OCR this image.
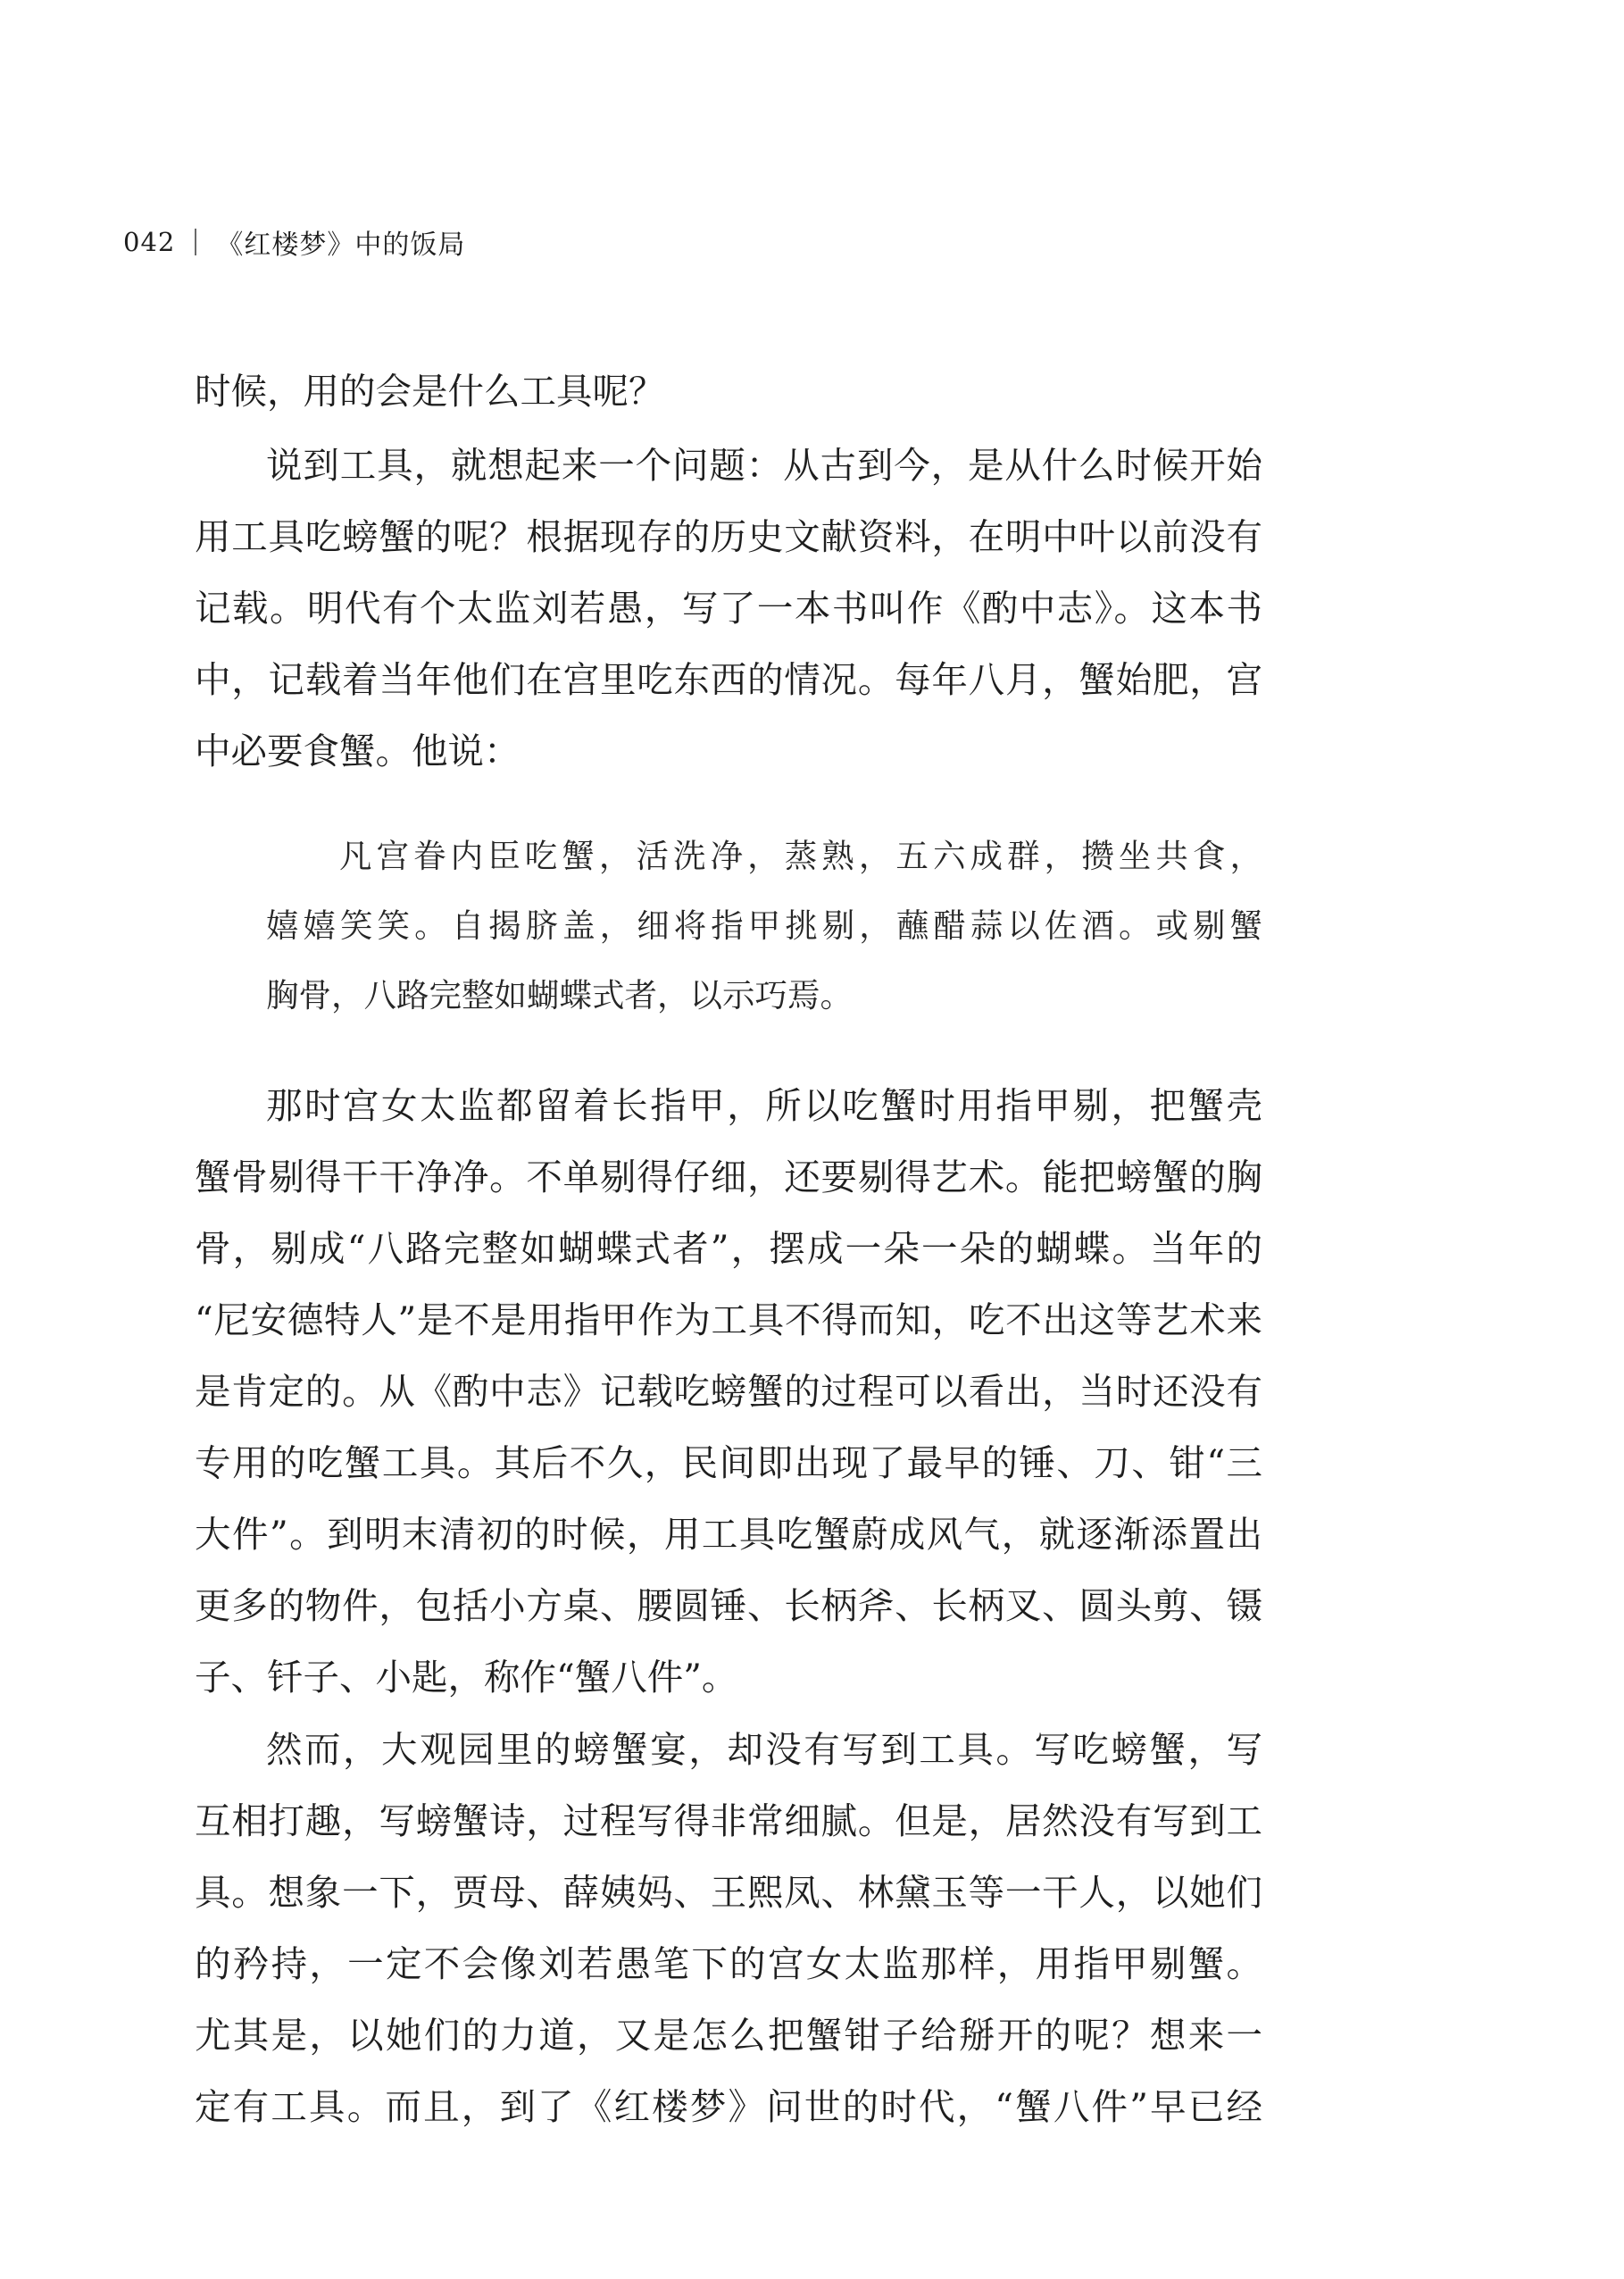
042 《红楼梦》中的饭局
时候，用的会是什么工具呢？
说到工具，就想起来一个问题：从古到今，是从什么时候开始
用工具吃螃蟹的呢？根据现存的历史文献资料，在明中叶以前没有
记载。明代有个太监刘若愚，写了一本书叫作《酌中志》。这本书
中，记载着当年他们在宫里吃东西的情况。每年八月，蟹始肥，宫
中必要食蟹。他说：
凡宫眷内臣吃蟹，活洗净，蒸熟，五六成群，攒坐共食，
嬉嬉笑笑。自揭脐盖，细将指甲挑剔，蘸醋蒜以佐酒。或剔蟹
胸骨，八路完整如蝴蝶式者，以示巧焉。
那时宫女太监都留着长指甲，所以吃蟹时用指甲剔，把蟹壳
蟹骨剔得干干净净。不单剔得仔细，还要剔得艺术。能把螃蟹的胸
骨，剔成“八路完整如蝴蝶式者”，摆成一朵一朵的蝴蝶。当年的
“尼安德特人”是不是用指甲作为工具不得而知，吃不出这等艺术来
是肯定的。从《酌中志》记载吃螃蟹的过程可以看出，当时还没有
专用的吃蟹工具。其后不久，民间即出现了最早的锤、刀、钳“三
大件”。到明末清初的时候，用工具吃蟹蔚成风气，就逐渐添置出
更多的物件，包括小方桌、腰圆锤、长柄斧、长柄叉、圆头剪、镊
子、钎子、小匙，称作“蟹八件”。
然而，大观园里的螃蟹宴，却没有写到工具。写吃螃蟹，写
互相打趣，写螃蟹诗，过程写得非常细腻。但是，居然没有写到工
具。想象一下，贾母、薛姨妈、王熙凤、林黛玉等一干人，以她们
的矜持，一定不会像刘若愚笔下的宫女太监那样，用指甲剔蟹。
尤其是，以她们的力道，又是怎么把蟹钳子给掰开的呢？想来一
定有工具。而且，到了《红楼梦》问世的时代，“蟹八件”早已经
